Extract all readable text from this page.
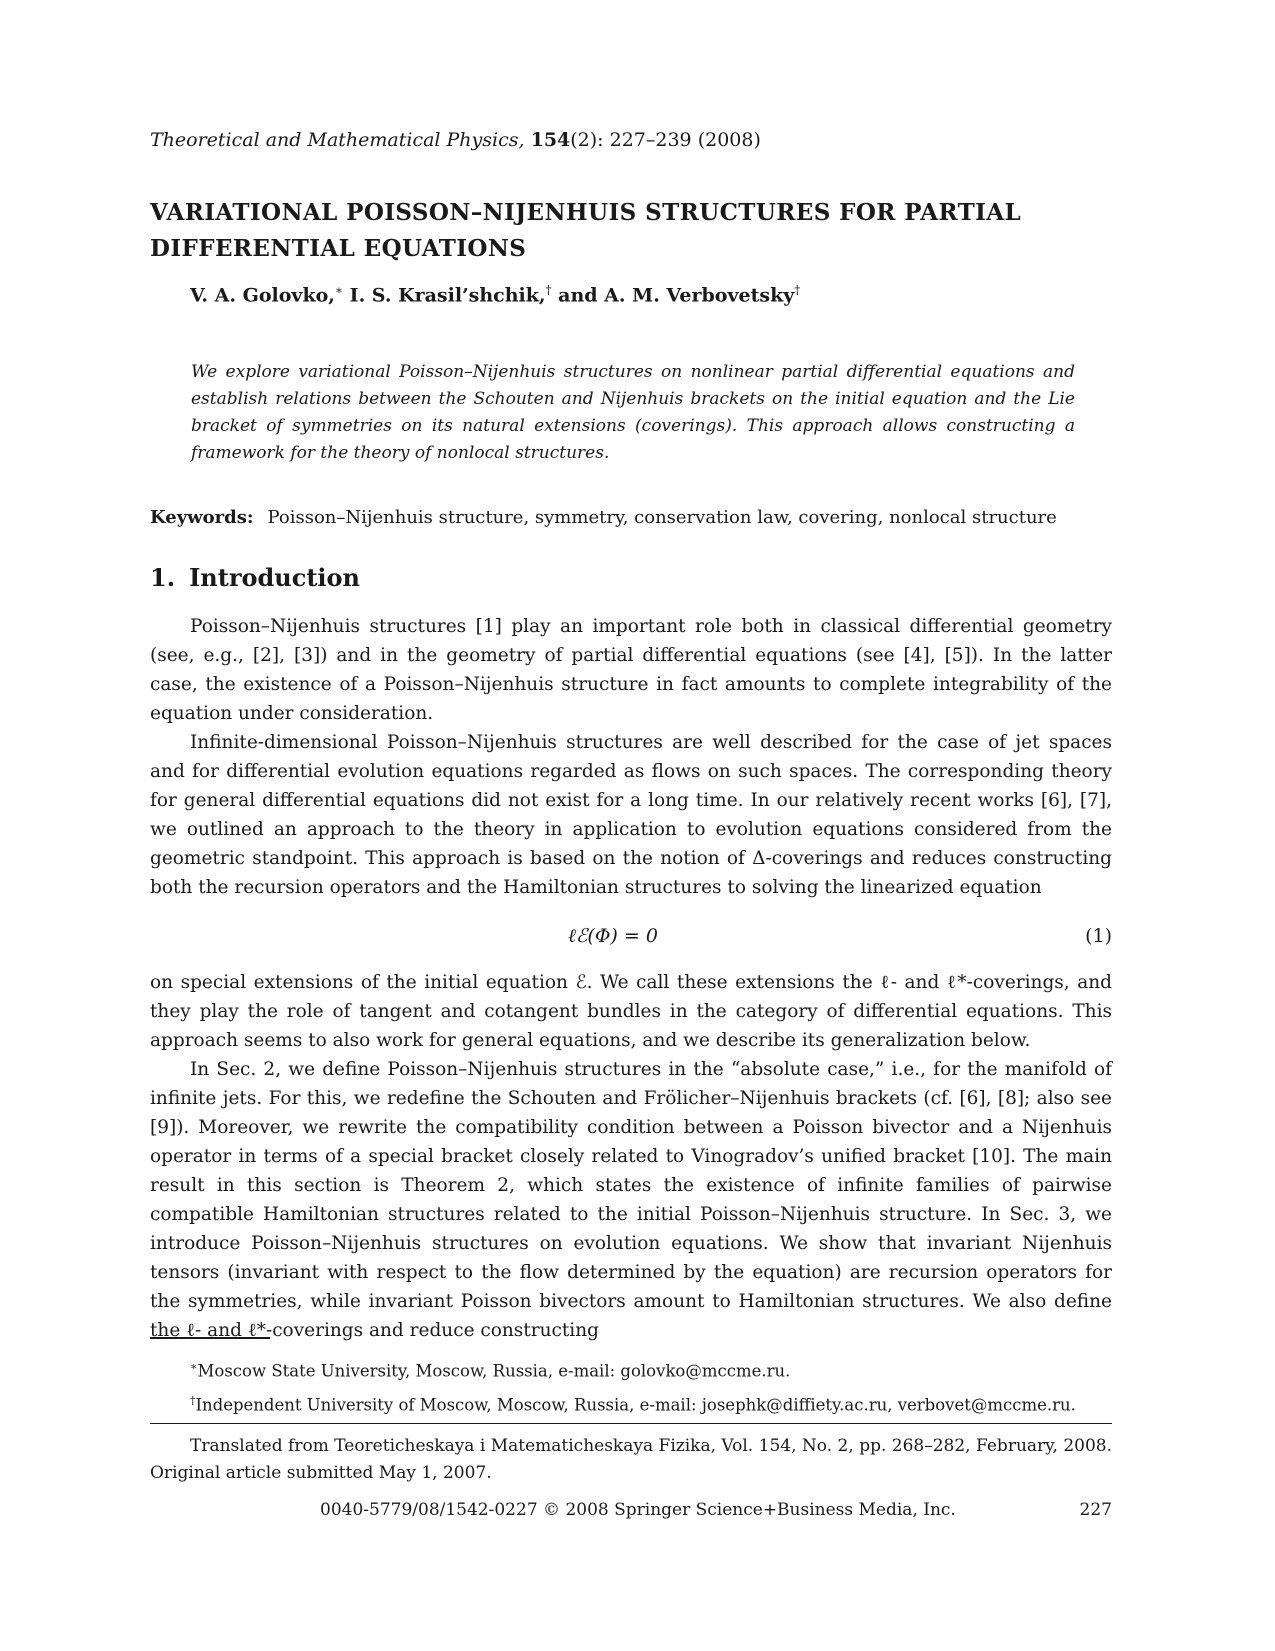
Theoretical and Mathematical Physics, 154(2): 227–239 (2008)
VARIATIONAL POISSON–NIJENHUIS STRUCTURES FOR PARTIAL
DIFFERENTIAL EQUATIONS
V. A. Golovko,∗ I. S. Krasil’shchik,† and A. M. Verbovetsky†
We explore variational Poisson–Nijenhuis structures on nonlinear partial differential equations and establish relations between the Schouten and Nijenhuis brackets on the initial equation and the Lie bracket of symmetries on its natural extensions (coverings). This approach allows constructing a framework for the theory of nonlocal structures.
Keywords: Poisson–Nijenhuis structure, symmetry, conservation law, covering, nonlocal structure
1. Introduction

Poisson–Nijenhuis structures [1] play an important role both in classical differential geometry (see, e.g., [2], [3]) and in the geometry of partial differential equations (see [4], [5]). In the latter case, the existence of a Poisson–Nijenhuis structure in fact amounts to complete integrability of the equation under consideration.

Infinite-dimensional Poisson–Nijenhuis structures are well described for the case of jet spaces and for differential evolution equations regarded as flows on such spaces. The corresponding theory for general differential equations did not exist for a long time. In our relatively recent works [6], [7], we outlined an approach to the theory in application to evolution equations considered from the geometric standpoint. This approach is based on the notion of Δ-coverings and reduces constructing both the recursion operators and the Hamiltonian structures to solving the linearized equation

ℓℰ(Φ) = 0	(1)

on special extensions of the initial equation ℰ. We call these extensions the ℓ- and ℓ*-coverings, and they play the role of tangent and cotangent bundles in the category of differential equations. This approach seems to also work for general equations, and we describe its generalization below.

In Sec. 2, we define Poisson–Nijenhuis structures in the “absolute case,” i.e., for the manifold of infinite jets. For this, we redefine the Schouten and Frölicher–Nijenhuis brackets (cf. [6], [8]; also see [9]). Moreover, we rewrite the compatibility condition between a Poisson bivector and a Nijenhuis operator in terms of a special bracket closely related to Vinogradov’s unified bracket [10]. The main result in this section is Theorem 2, which states the existence of infinite families of pairwise compatible Hamiltonian structures related to the initial Poisson–Nijenhuis structure. In Sec. 3, we introduce Poisson–Nijenhuis structures on evolution equations. We show that invariant Nijenhuis tensors (invariant with respect to the flow determined by the equation) are recursion operators for the symmetries, while invariant Poisson bivectors amount to Hamiltonian structures. We also define the ℓ- and ℓ*-coverings and reduce constructing

∗Moscow State University, Moscow, Russia, e-mail: golovko@mccme.ru.
†Independent University of Moscow, Moscow, Russia, e-mail: josephk@diffiety.ac.ru, verbovet@mccme.ru.
Translated from Teoreticheskaya i Matematicheskaya Fizika, Vol. 154, No. 2, pp. 268–282, February, 2008. Original article submitted May 1, 2007.
0040-5779/08/1542-0227 © 2008 Springer Science+Business Media, Inc.	227
